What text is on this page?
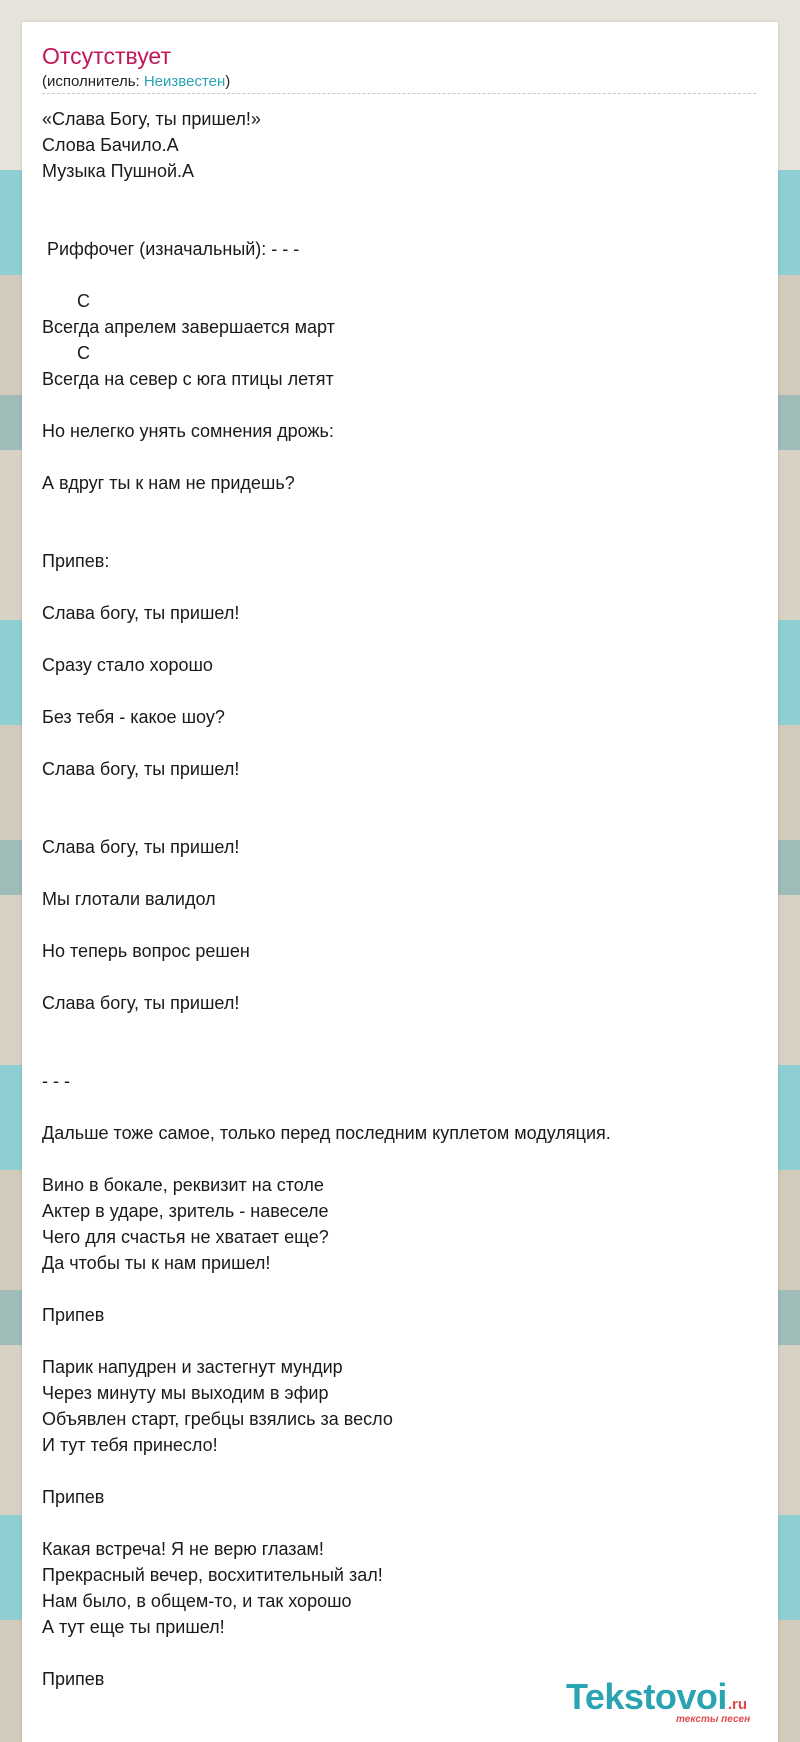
Отсутствует
(исполнитель: Неизвестен)
«Слава Богу, ты пришел!»
Слова Бачило.А
Музыка Пушной.А
Риффочег (изначальный): - - -
C
Всегда апрелем завершается март
C
Всегда на север с юга птицы летят
Но нелегко унять сомнения дрожь:
А вдруг ты к нам не придешь?
Припев:
Слава богу, ты пришел!
Сразу стало хорошо
Без тебя - какое шоу?
Слава богу, ты пришел!
Слава богу, ты пришел!
Мы глотали валидол
Но теперь вопрос решен
Слава богу, ты пришел!
- - -
Дальше тоже самое, только перед последним куплетом модуляция.
Вино в бокале, реквизит на столе
Актер в ударе, зритель - навеселе
Чего для счастья не хватает еще?
Да чтобы ты к нам пришел!
Припев
Парик напудрен и застегнут мундир
Через минуту мы выходим в эфир
Объявлен старт, гребцы взялись за весло
И тут тебя принесло!
Припев
Какая встреча! Я не верю глазам!
Прекрасный вечер, восхитительный зал!
Нам было, в общем-то, и так хорошо
А тут еще ты пришел!
Припев	Tekstovoi.ru
тексты песен
